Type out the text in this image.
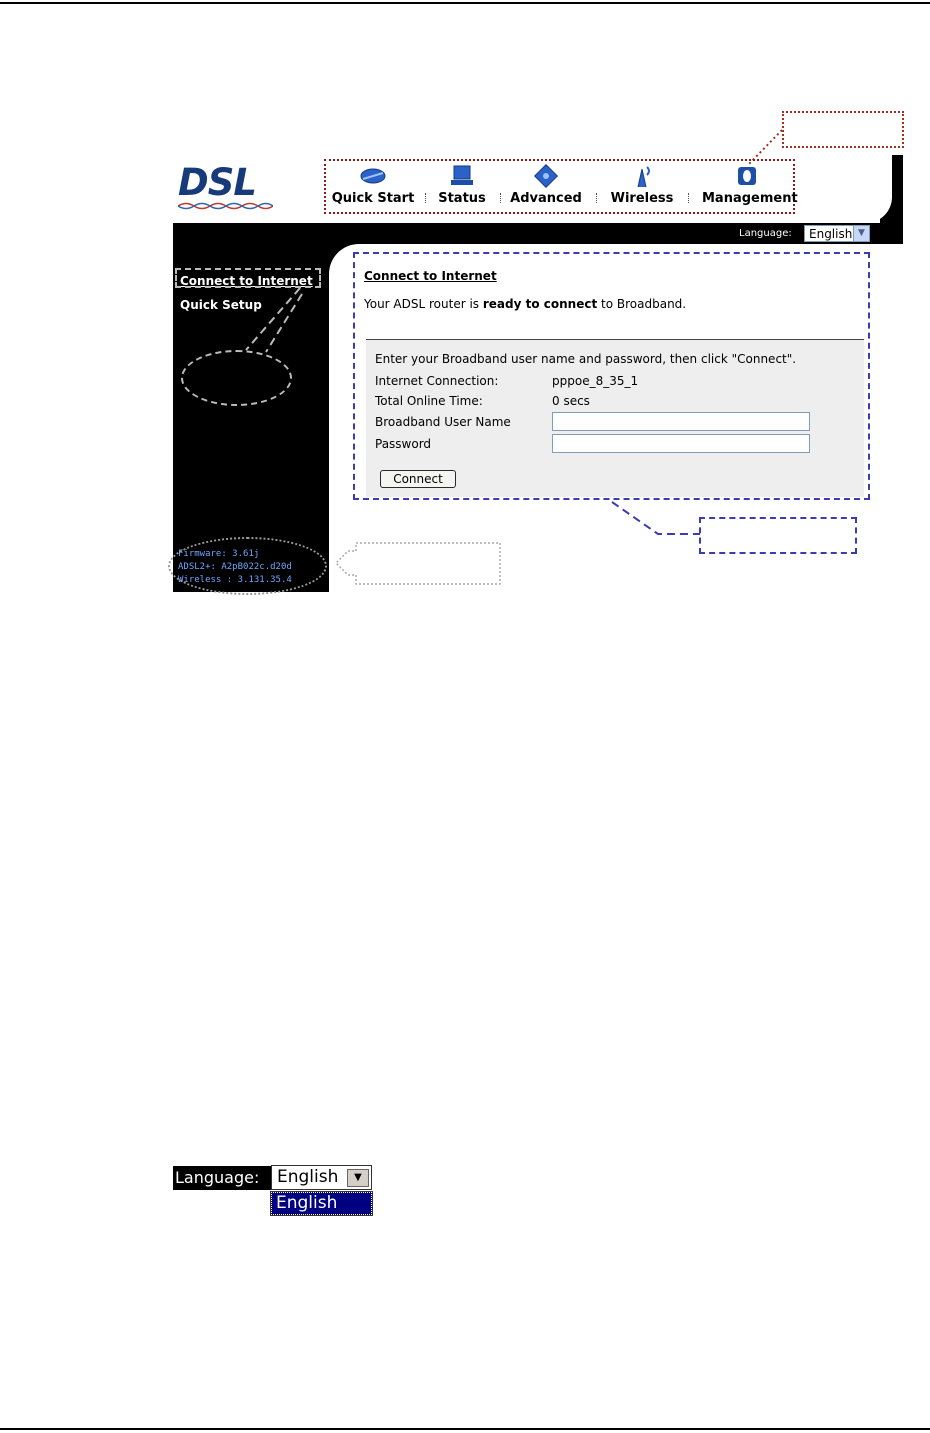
DSL	Quick Start	Status	Advanced	Wireless	Management
Language: English ▼
Connect to Internet
Quick Setup
Firmware: 3.61j
ADSL2+: A2pB022c.d20d
Wireless : 3.131.35.4
Connect to Internet
Your ADSL router is ready to connect to Broadband.
Enter your Broadband user name and password, then click "Connect".
Internet Connection:	pppoe_8_35_1
Total Online Time:	0 secs
Broadband User Name
Password
Connect
Language: English	▼
English
